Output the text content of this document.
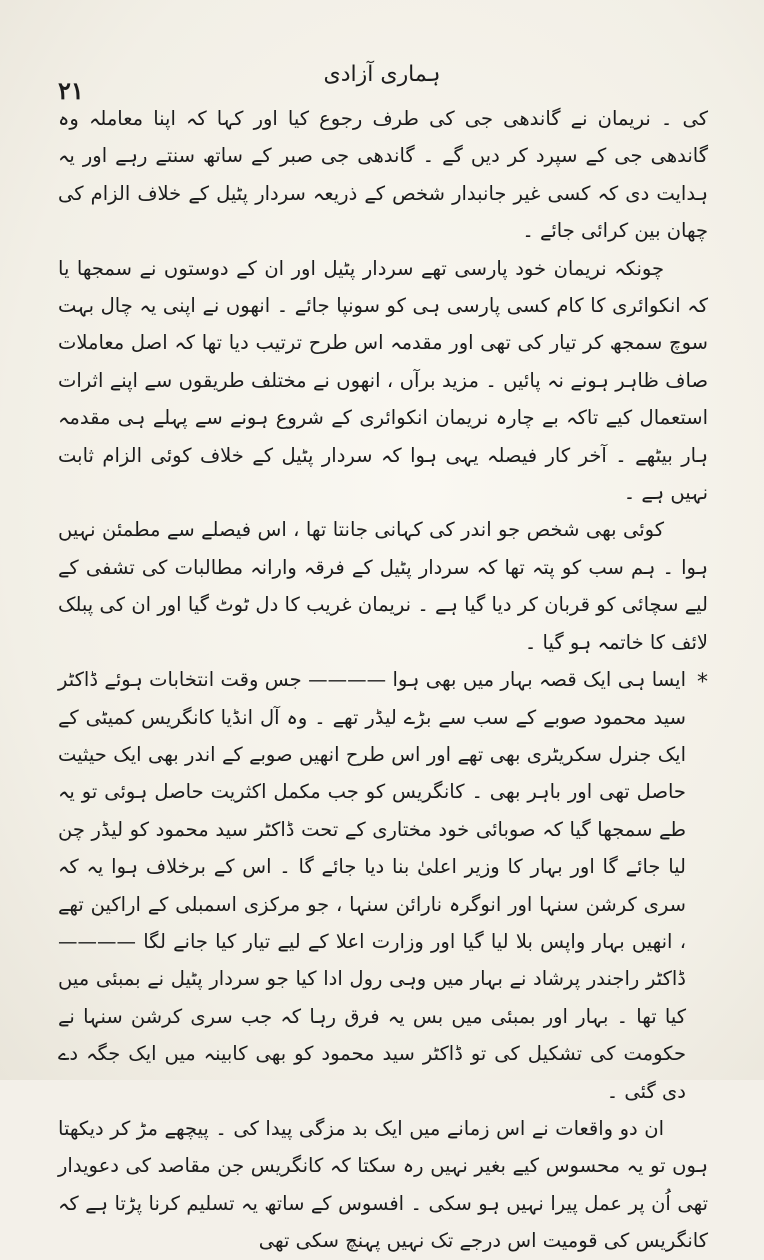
۲۱
ہماری آزادی

کی ۔ نریمان نے گاندھی جی کی طرف رجوع کیا اور کہا کہ اپنا معاملہ وہ گاندھی جی کے سپرد کر دیں گے ۔ گاندھی جی صبر کے ساتھ سنتے رہے اور یہ ہدایت دی کہ کسی غیر جانبدار شخص کے ذریعہ سردار پٹیل کے خلاف الزام کی چھان بین کرائی جائے ۔

چونکہ نریمان خود پارسی تھے سردار پٹیل اور ان کے دوستوں نے سمجھا یا کہ انکوائری کا کام کسی پارسی ہی کو سونپا جائے ۔ انھوں نے اپنی یہ چال بہت سوچ سمجھ کر تیار کی تھی اور مقدمہ اس طرح ترتیب دیا تھا کہ اصل معاملات صاف ظاہر ہونے نہ پائیں ۔ مزید برآں ، انھوں نے مختلف طریقوں سے اپنے اثرات استعمال کیے تاکہ بے چارہ نریمان انکوائری کے شروع ہونے سے پہلے ہی مقدمہ ہار بیٹھے ۔ آخر کار فیصلہ یہی ہوا کہ سردار پٹیل کے خلاف کوئی الزام ثابت نہیں ہے ۔

کوئی بھی شخص جو اندر کی کہانی جانتا تھا ، اس فیصلے سے مطمئن نہیں ہوا ۔ ہم سب کو پتہ تھا کہ سردار پٹیل کے فرقہ وارانہ مطالبات کی تشفی کے لیے سچائی کو قربان کر دیا گیا ہے ۔ نریمان غریب کا دل ٹوٹ گیا اور ان کی پبلک لائف کا خاتمہ ہو گیا ۔

*
ایسا ہی ایک قصہ بہار میں بھی ہوا ———— جس وقت انتخابات ہوئے ڈاکٹر سید محمود صوبے کے سب سے بڑے لیڈر تھے ۔ وہ آل انڈیا کانگریس کمیٹی کے ایک جنرل سکریٹری بھی تھے اور اس طرح انھیں صوبے کے اندر بھی ایک حیثیت حاصل تھی اور باہر بھی ۔ کانگریس کو جب مکمل اکثریت حاصل ہوئی تو یہ طے سمجھا گیا کہ صوبائی خود مختاری کے تحت ڈاکٹر سید محمود کو لیڈر چن لیا جائے گا اور بہار کا وزیر اعلیٰ بنا دیا جائے گا ۔ اس کے برخلاف ہوا یہ کہ سری کرشن سنہا اور انوگرہ نارائن سنہا ، جو مرکزی اسمبلی کے اراکین تھے ، انھیں بہار واپس بلا لیا گیا اور وزارت اعلا کے لیے تیار کیا جانے لگا ———— ڈاکٹر راجندر پرشاد نے بہار میں وہی رول ادا کیا جو سردار پٹیل نے بمبئی میں کیا تھا ۔ بہار اور بمبئی میں بس یہ فرق رہا کہ جب سری کرشن سنہا نے حکومت کی تشکیل کی تو ڈاکٹر سید محمود کو بھی کابینہ میں ایک جگہ دے دی گئی ۔

ان دو واقعات نے اس زمانے میں ایک بد مزگی پیدا کی ۔ پیچھے مڑ کر دیکھتا ہوں تو یہ محسوس کیے بغیر نہیں رہ سکتا کہ کانگریس جن مقاصد کی دعویدار تھی اُن پر عمل پیرا نہیں ہو سکی ۔ افسوس کے ساتھ یہ تسلیم کرنا پڑتا ہے کہ کانگریس کی قومیت اس درجے تک نہیں پہنچ سکی تھی
